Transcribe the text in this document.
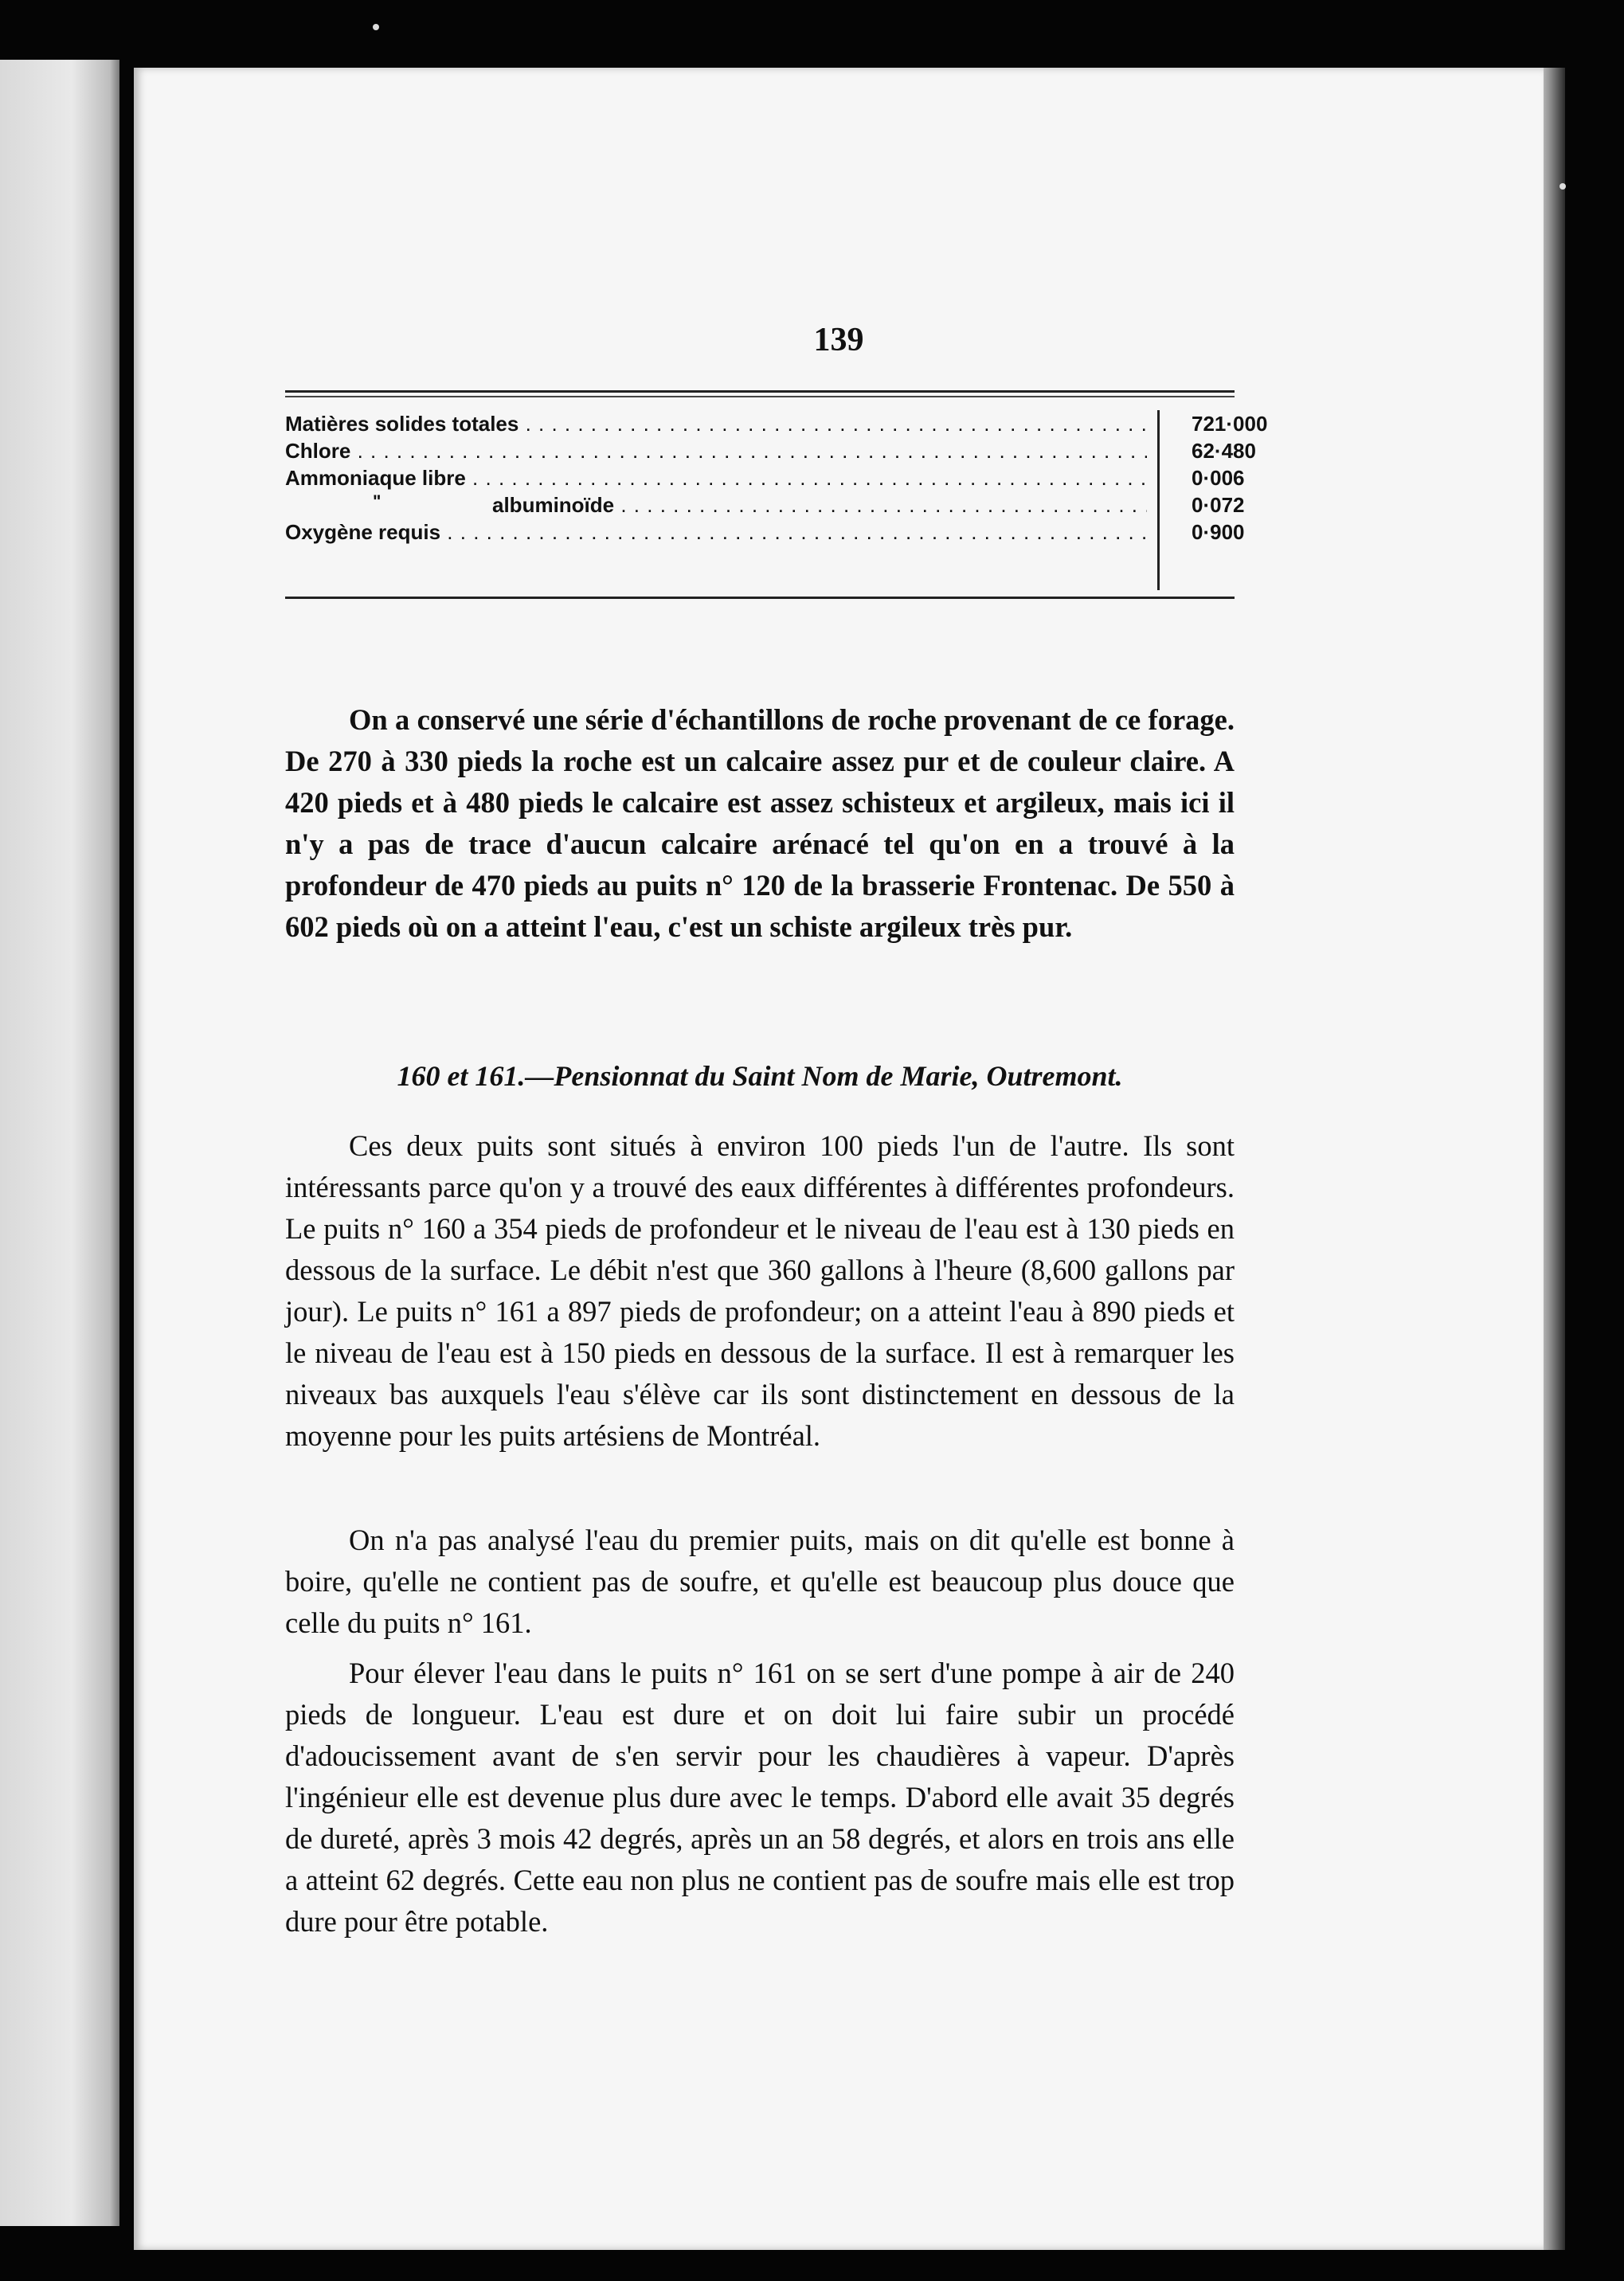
139
Matières solides totales . . .	721·000
Chlore . . .	62·480
Ammoniaque libre . . .	0·006
"	albuminoïde . . .	0·072
Oxygène requis . . .	0·900

On a conservé une série d'échantillons de roche provenant de ce forage. De 270 à 330 pieds la roche est un calcaire assez pur et de couleur claire. A 420 pieds et à 480 pieds le calcaire est assez schisteux et argileux, mais ici il n'y a pas de trace d'aucun calcaire arénacé tel qu'on en a trouvé à la profondeur de 470 pieds au puits n° 120 de la brasserie Frontenac. De 550 à 602 pieds où on a atteint l'eau, c'est un schiste argileux très pur.

160 et 161.—Pensionnat du Saint Nom de Marie, Outremont.

Ces deux puits sont situés à environ 100 pieds l'un de l'autre. Ils sont intéressants parce qu'on y a trouvé des eaux différentes à différentes profondeurs. Le puits n° 160 a 354 pieds de profondeur et le niveau de l'eau est à 130 pieds en dessous de la surface. Le débit n'est que 360 gallons à l'heure (8,600 gallons par jour). Le puits n° 161 a 897 pieds de profondeur; on a atteint l'eau à 890 pieds et le niveau de l'eau est à 150 pieds en dessous de la surface. Il est à remarquer les niveaux bas auxquels l'eau s'élève car ils sont distinctement en dessous de la moyenne pour les puits artésiens de Montréal.

On n'a pas analysé l'eau du premier puits, mais on dit qu'elle est bonne à boire, qu'elle ne contient pas de soufre, et qu'elle est beaucoup plus douce que celle du puits n° 161.

Pour élever l'eau dans le puits n° 161 on se sert d'une pompe à air de 240 pieds de longueur. L'eau est dure et on doit lui faire subir un procédé d'adoucissement avant de s'en servir pour les chaudières à vapeur. D'après l'ingénieur elle est devenue plus dure avec le temps. D'abord elle avait 35 degrés de dureté, après 3 mois 42 degrés, après un an 58 degrés, et alors en trois ans elle a atteint 62 degrés. Cette eau non plus ne contient pas de soufre mais elle est trop dure pour être potable.
